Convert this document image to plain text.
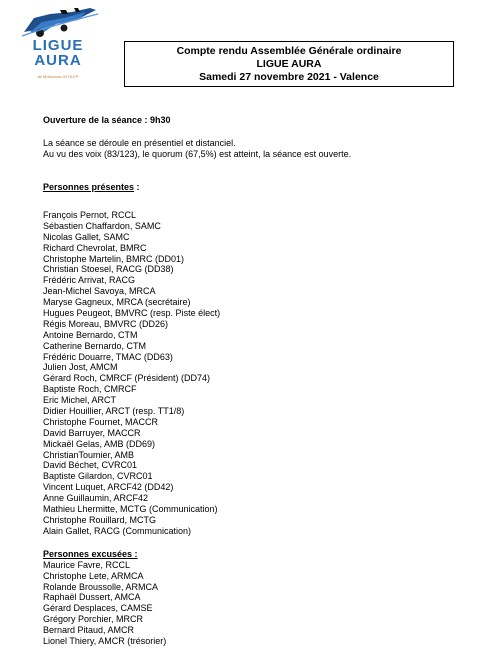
LIGUE
AURA
de Motocross UFOLEP
Compte rendu Assemblée Générale ordinaire
LIGUE AURA
Samedi 27 novembre 2021 - Valence

Ouverture de la séance : 9h30

La séance se déroule en présentiel et distanciel.

Au vu des voix (83/123), le quorum (67,5%) est atteint, la séance est ouverte.

Personnes présentes :

François Pernot, RCCL
Sébastien Chaffardon, SAMC
Nicolas Gallet, SAMC
Richard Chevrolat, BMRC
Christophe Martelin, BMRC (DD01)
Christian Stoesel, RACG (DD38)
Frédéric Arrivat, RACG
Jean-Michel Savoya, MRCA
Maryse Gagneux, MRCA (secrétaire)
Hugues Peugeot, BMVRC (resp. Piste élect)
Régis Moreau, BMVRC (DD26)
Antoine Bernardo, CTM
Catherine Bernardo, CTM
Frédéric Douarre, TMAC (DD63)
Julien Jost, AMCM
Gérard Roch, CMRCF (Président) (DD74)
Baptiste Roch, CMRCF
Eric Michel, ARCT
Didier Houillier, ARCT (resp. TT1/8)
Christophe Fournet, MACCR
David Barruyer, MACCR
Mickaël Gelas, AMB (DD69)
ChristianToumier, AMB
David Béchet, CVRC01
Baptiste Gilardon, CVRC01
Vincent Luquet, ARCF42 (DD42)
Anne Guillaumin, ARCF42
Mathieu Lhermitte, MCTG (Communication)
Christophe Rouillard, MCTG
Alain Gallet, RACG (Communication)

Personnes excusées :

Maurice Favre, RCCL
Christophe Lete, ARMCA
Rolande Broussolle, ARMCA
Raphaël Dussert, AMCA
Gérard Desplaces, CAMSE
Grégory Porchier, MRCR
Bernard Pitaud, AMCR
Lionel Thiery, AMCR (trésorier)
